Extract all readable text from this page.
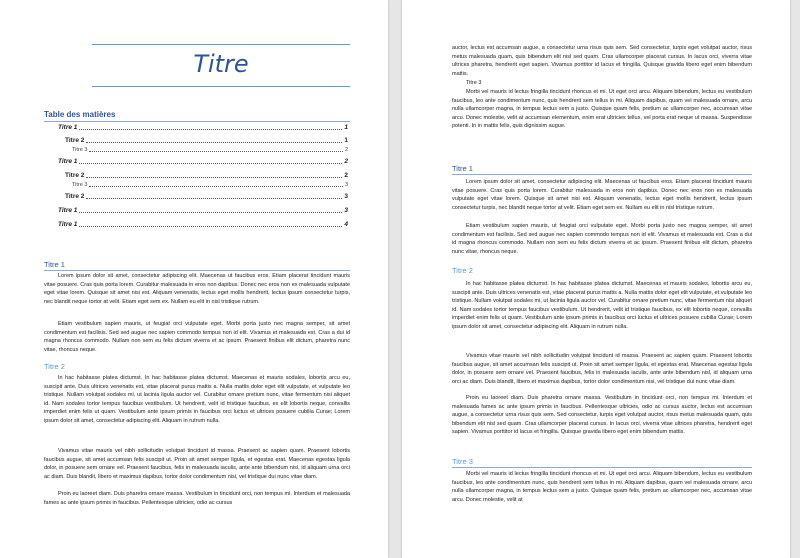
Titre
Table des matières
Titre 1	1
Titre 2	1
Titre 3	2
Titre 1	2
Titre 2	2
Titre 3	3
Titre 2	3
Titre 1	3
Titre 1	4
Titre 1

Lorem ipsum dolor sit amet, consectetur adipiscing elit. Maecenas ut faucibus eros. Etiam placerat tincidunt mauris vitae posuere. Cras quis porta lorem. Curabitur malesuada in eros non dapibus. Donec nec eros non ex malesuada vulputate eget vitae lorem. Quisque sit amet nisi est. Aliquam venenatis, lectus eget mollis hendrerit, lectus ipsum consectetur turpis, nec blandit neque tortor at velit. Etiam eget sem ex. Nullam eu elit in nisl tristique rutrum.

Etiam vestibulum sapien mauris, ut feugiat orci vulputate eget. Morbi porta justo nec magna semper, sit amet condimentum est facilisis. Sed sed augue nec sapien commodo tempus non id elit. Vivamus et malesuada est. Cras a dui id magna rhoncus commodo. Nullam non sem eu felis dictum viverra et ac ipsum. Praesent finibus elit dictum, pharetra nunc vitae, rhoncus neque.

Titre 2

In hac habitasse platea dictumst. In hac habitasse platea dictumst. Maecenas et mauris sodales, lobortis arcu eu, suscipit ante. Duis ultrices venenatis est, vitae placerat purus mattis a. Nulla mattis dolor eget elit vulputate, et vulputate leo tristique. Nullam volutpat sodales mi, ut lacinia ligula auctor vel. Curabitur ornare pretium nunc, vitae fermentum nisi aliquet id. Nam sodales tortor tempus faucibus vestibulum. Ut hendrerit, velit id tristique faucibus, ex elit lobortis neque, convallis imperdiet enim felis ut quam. Vestibulum ante ipsum primis in faucibus orci luctus et ultrices posuere cubilia Curae; Lorem ipsum dolor sit amet, consectetur adipiscing elit. Aliquam in rutrum nulla.

Vivamus vitae mauris vel nibh sollicitudin volutpat tincidunt id massa. Praesent ac sapien quam. Praesent lobortis faucibus augue, sit amet accumsan felis suscipit ut. Proin sit amet semper ligula, et egestas erat. Maecenas egestas ligula dolor, in posuere sem ornare vel. Praesent faucibus, felis in malesuada iaculis, ante ante bibendum nisl, id aliquam urna orci ac diam. Duis blandit, libero et maximus dapibus, tortor dolor condimentum nisi, vel tristique dui nunc vitae diam.

Proin eu laoreet diam. Duis pharetra ornare massa. Vestibulum in tincidunt orci, non tempus mi. Interdum et malesuada fames ac ante ipsum primis in faucibus. Pellentesque ultricies, odio ac cursus

auctor, lectus est accumsan augue, a consectetur urna risus quis sem. Sed consectetur, turpis eget volutpat auctor, risus metus malesuada quam, quis bibendum elit nisl sed quam. Cras ullamcorper placerat cursus. In lacus orci, viverra vitae ultrices pharetra, hendrerit eget sapien. Vivamus porttitor id lacus et fringilla. Quisque gravida libero eget enim bibendum mattis.

Titre 3

Morbi vel mauris id lectus fringilla tincidunt rhoncus et mi. Ut eget orci arcu. Aliquam bibendum, lectus eu vestibulum faucibus, leo ante condimentum nunc, quis hendrerit sem tellus in mi. Aliquam dapibus, quam vel malesuada ornare, arcu nulla ullamcorper magna, in tempus lectus sem a justo. Quisque quam felis, pretium ac ullamcorper nec, accumsan vitae arcu. Donec molestie, velit at accumsan elementum, enim erat ultricies tellus, vel porta erat neque ut massa. Suspendisse potenti. In in mattis felis, quis dignissim augue.

Titre 1

Lorem ipsum dolor sit amet, consectetur adipiscing elit. Maecenas ut faucibus eros. Etiam placerat tincidunt mauris vitae posuere. Cras quis porta lorem. Curabitur malesuada in eros non dapibus. Donec nec eros non ex malesuada vulputate eget vitae lorem. Quisque sit amet nisi est. Aliquam venenatis, lectus eget mollis hendrerit, lectus ipsum consectetur turpis, nec blandit neque tortor at velit. Etiam eget sem ex. Nullam eu elit in nisl tristique rutrum.

Etiam vestibulum sapien mauris, ut feugiat orci vulputate eget. Morbi porta justo nec magna semper, sit amet condimentum est facilisis. Sed sed augue nec sapien commodo tempus non id elit. Vivamus et malesuada est. Cras a dui id magna rhoncus commodo. Nullam non sem eu felis dictum viverra et ac ipsum. Praesent finibus elit dictum, pharetra nunc vitae, rhoncus neque.

Titre 2

In hac habitasse platea dictumst. In hac habitasse platea dictumst. Maecenas et mauris sodales, lobortis arcu eu, suscipit ante. Duis ultrices venenatis est, vitae placerat purus mattis a. Nulla mattis dolor eget elit vulputate, et vulputate leo tristique. Nullam volutpat sodales mi, ut lacinia ligula auctor vel. Curabitur ornare pretium nunc, vitae fermentum nisi aliquet id. Nam sodales tortor tempus faucibus vestibulum. Ut hendrerit, velit id tristique faucibus, ex elit lobortis neque, convallis imperdiet enim felis ut quam. Vestibulum ante ipsum primis in faucibus orci luctus et ultrices posuere cubilia Curae; Lorem ipsum dolor sit amet, consectetur adipiscing elit. Aliquam in rutrum nulla.

Vivamus vitae mauris vel nibh sollicitudin volutpat tincidunt id massa. Praesent ac sapien quam. Praesent lobortis faucibus augue, sit amet accumsan felis suscipit ut. Proin sit amet semper ligula, et egestas erat. Maecenas egestas ligula dolor, in posuere sem ornare vel. Praesent faucibus, felis in malesuada iaculis, ante ante bibendum nisl, id aliquam urna orci ac diam. Duis blandit, libero et maximus dapibus, tortor dolor condimentum nisi, vel tristique dui nunc vitae diam.

Proin eu laoreet diam. Duis pharetra ornare massa. Vestibulum in tincidunt orci, non tempus mi. Interdum et malesuada fames ac ante ipsum primis in faucibus. Pellentesque ultricies, odio ac cursus auctor, lectus est accumsan augue, a consectetur urna risus quis sem. Sed consectetur, turpis eget volutpat auctor, risus metus malesuada quam, quis bibendum elit nisl sed quam. Cras ullamcorper placerat cursus. In lacus orci, viverra vitae ultrices pharetra, hendrerit eget sapien. Vivamus porttitor id lacus et fringilla. Quisque gravida libero eget enim bibendum mattis.

Titre 3

Morbi vel mauris id lectus fringilla tincidunt rhoncus et mi. Ut eget orci arcu. Aliquam bibendum, lectus eu vestibulum faucibus, leo ante condimentum nunc, quis hendrerit sem tellus in mi. Aliquam dapibus, quam vel malesuada ornare, arcu nulla ullamcorper magna, in tempus lectus sem a justo. Quisque quam felis, pretium ac ullamcorper nec, accumsan vitae arcu. Donec molestie, velit at
